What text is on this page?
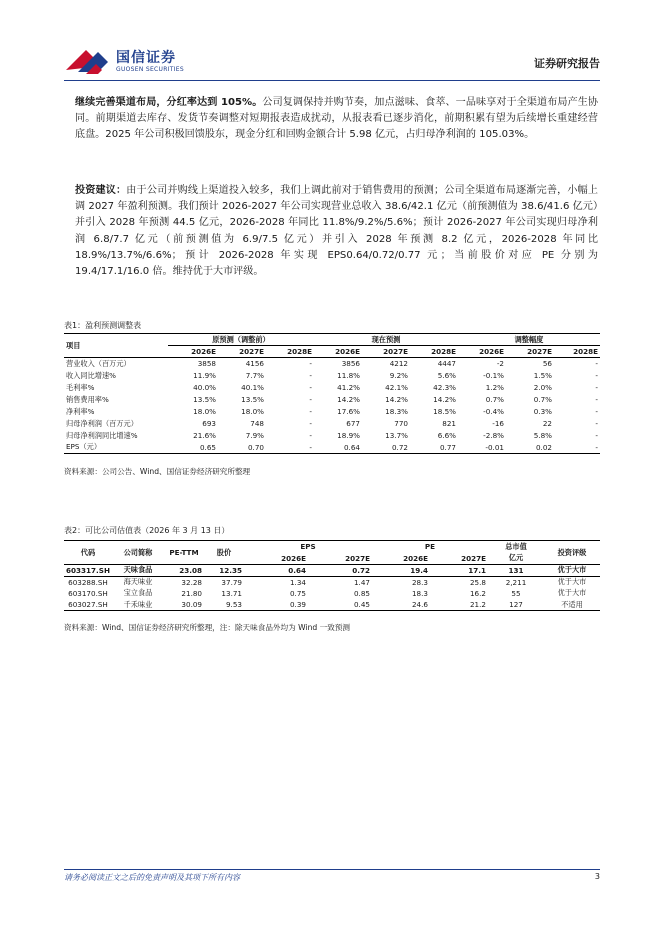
国信证券
GUOSEN SECURITIES	证券研究报告
继续完善渠道布局，分红率达到 105%。公司复调保持并购节奏，加点滋味、食萃、一品味享对于全渠道布局产生协同。前期渠道去库存、发货节奏调整对短期报表造成扰动，从报表看已逐步消化，前期积累有望为后续增长重建经营底盘。2025 年公司积极回馈股东，现金分红和回购金额合计 5.98 亿元，占归母净利润的 105.03%。
投资建议：由于公司并购线上渠道投入较多，我们上调此前对于销售费用的预测；公司全渠道布局逐渐完善，小幅上调 2027 年盈利预测。我们预计 2026-2027 年公司实现营业总收入 38.6/42.1 亿元（前预测值为 38.6/41.6 亿元）并引入 2028 年预测 44.5 亿元，2026-2028 年同比 11.8%/9.2%/5.6%；预计 2026-2027 年公司实现归母净利润 6.8/7.7 亿元（前预测值为 6.9/7.5 亿元）并引入 2028 年预测 8.2 亿元，2026-2028 年同比 18.9%/13.7%/6.6%；预计 2026-2028 年实现 EPS0.64/0.72/0.77 元；当前股价对应 PE 分别为 19.4/17.1/16.0 倍。维持优于大市评级。
表1：盈利预测调整表
项目	原预测（调整前）			现在预测			调整幅度		
	2026E	2027E	2028E	2026E	2027E	2028E	2026E	2027E	2028E
营业收入（百万元）	3858	4156	-	3856	4212	4447	-2	56	-
收入同比增速%	11.9%	7.7%	-	11.8%	9.2%	5.6%	-0.1%	1.5%	-
毛利率%	40.0%	40.1%	-	41.2%	42.1%	42.3%	1.2%	2.0%	-
销售费用率%	13.5%	13.5%	-	14.2%	14.2%	14.2%	0.7%	0.7%	-
净利率%	18.0%	18.0%	-	17.6%	18.3%	18.5%	-0.4%	0.3%	-
归母净利润（百万元）	693	748	-	677	770	821	-16	22	-
归母净利润同比增速%	21.6%	7.9%	-	18.9%	13.7%	6.6%	-2.8%	5.8%	-
EPS（元）	0.65	0.70	-	0.64	0.72	0.77	-0.01	0.02	-
资料来源：公司公告、Wind、国信证券经济研究所整理
表2：可比公司估值表（2026 年 3 月 13 日）
代码	公司简称	PE-TTM	股价	EPS		PE		总市值	投资评级
				2026E	2027E	2026E	2027E	亿元	
603317.SH	天味食品	23.08	12.35	0.64	0.72	19.4	17.1	131	优于大市
603288.SH	海天味业	32.28	37.79	1.34	1.47	28.3	25.8	2,211	优于大市
603170.SH	宝立食品	21.80	13.71	0.75	0.85	18.3	16.2	55	优于大市
603027.SH	千禾味业	30.09	9.53	0.39	0.45	24.6	21.2	127	不适用
资料来源：Wind、国信证券经济研究所整理，注：除天味食品外均为 Wind 一致预测
请务必阅读正文之后的免责声明及其项下所有内容	3
